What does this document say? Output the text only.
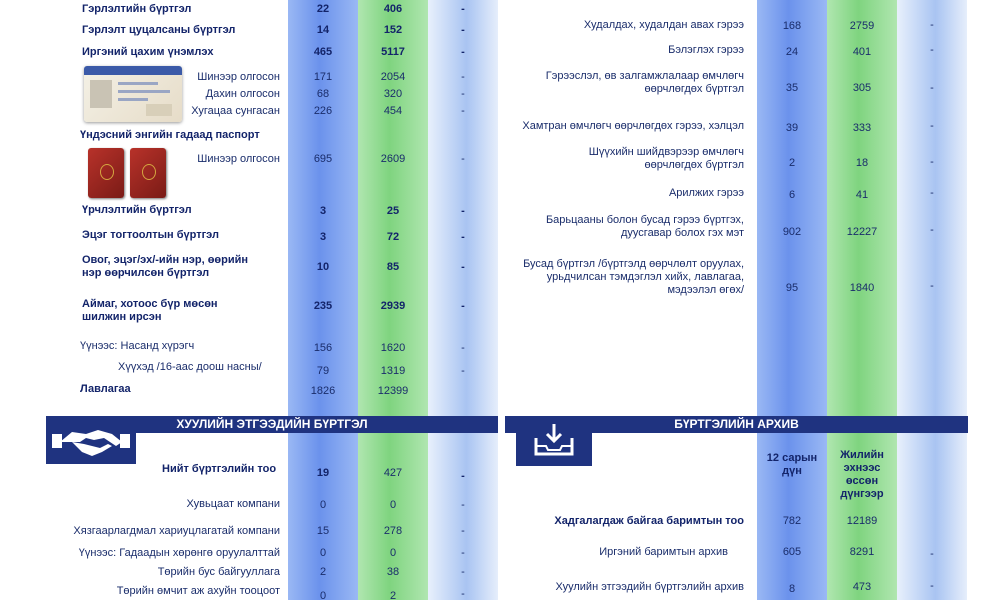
Гэрлэлтийн бүртгэл	22	406	-
Гэрлэлт цуцалсаны бүртгэл	14	152	-
Иргэний цахим үнэмлэх	465	5117	-
Шинээр олгосон	171	2054	-
Дахин олгосон	68	320	-
Хугацаа сунгасан	226	454	-
Үндэсний энгийн гадаад паспорт
Шинээр олгосон	695	2609	-
Үрчлэлтийн бүртгэл	3	25	-
Эцэг тогтоолтын бүртгэл	3	72	-
Овог, эцэг/эх/-ийн нэр, өөрийн
нэр өөрчилсөн бүртгэл	10	85	-
Аймаг, хотоос бүр мөсөн
шилжин ирсэн
235	2939	-
Үүнээс: Насанд хүрэгч	156	1620	-
Хүүхэд /16-аас доош насны/	79	1319	-
Лавлагаа	1826	12399
ХУУЛИЙН ЭТГЭЭДИЙН БҮРТГЭЛ
Нийт бүртгэлийн тоо	19	427	-
Хувьцаат компани	0	0	-
Хязгаарлагдмал хариуцлагатай компани	15	278	-
Үүнээс: Гадаадын хөрөнгө оруулалттай	0	0	-
Төрийн бус байгууллага	2	38	-
Төрийн өмчит аж ахуйн тооцоот	0	2	-
Худалдах, худалдан авах гэрээ	168	2759	-
Бэлэглэх гэрээ	24	401	-
Гэрээслэл, өв залгамжлалаар өмчлөгч
өөрчлөгдөх бүртгэл	35	305	-
Хамтран өмчлөгч өөрчлөгдөх гэрээ, хэлцэл	39	333	-
Шүүхийн шийдвэрээр өмчлөгч
өөрчлөгдөх бүртгэл	2	18	-
Арилжих гэрээ	6	41	-
Барьцааны болон бусад гэрээ бүртгэх,
дуусгавар болох гэх мэт	902	12227	-
Бусад бүртгэл /бүртгэлд өөрчлөлт оруулах,
урьдчилсан тэмдэглэл хийх, лавлагаа,
мэдээлэл өгөх/	95	1840	-
БҮРТГЭЛИЙН АРХИВ
12 сарын
дүн
Жилийн
эхнээс
өссөн
дүнгээр
Хадгалагдаж байгаа баримтын тоо	782	12189
Иргэний баримтын архив	605	8291	-
Хуулийн этгээдийн бүртгэлийн архив	8	473	-
